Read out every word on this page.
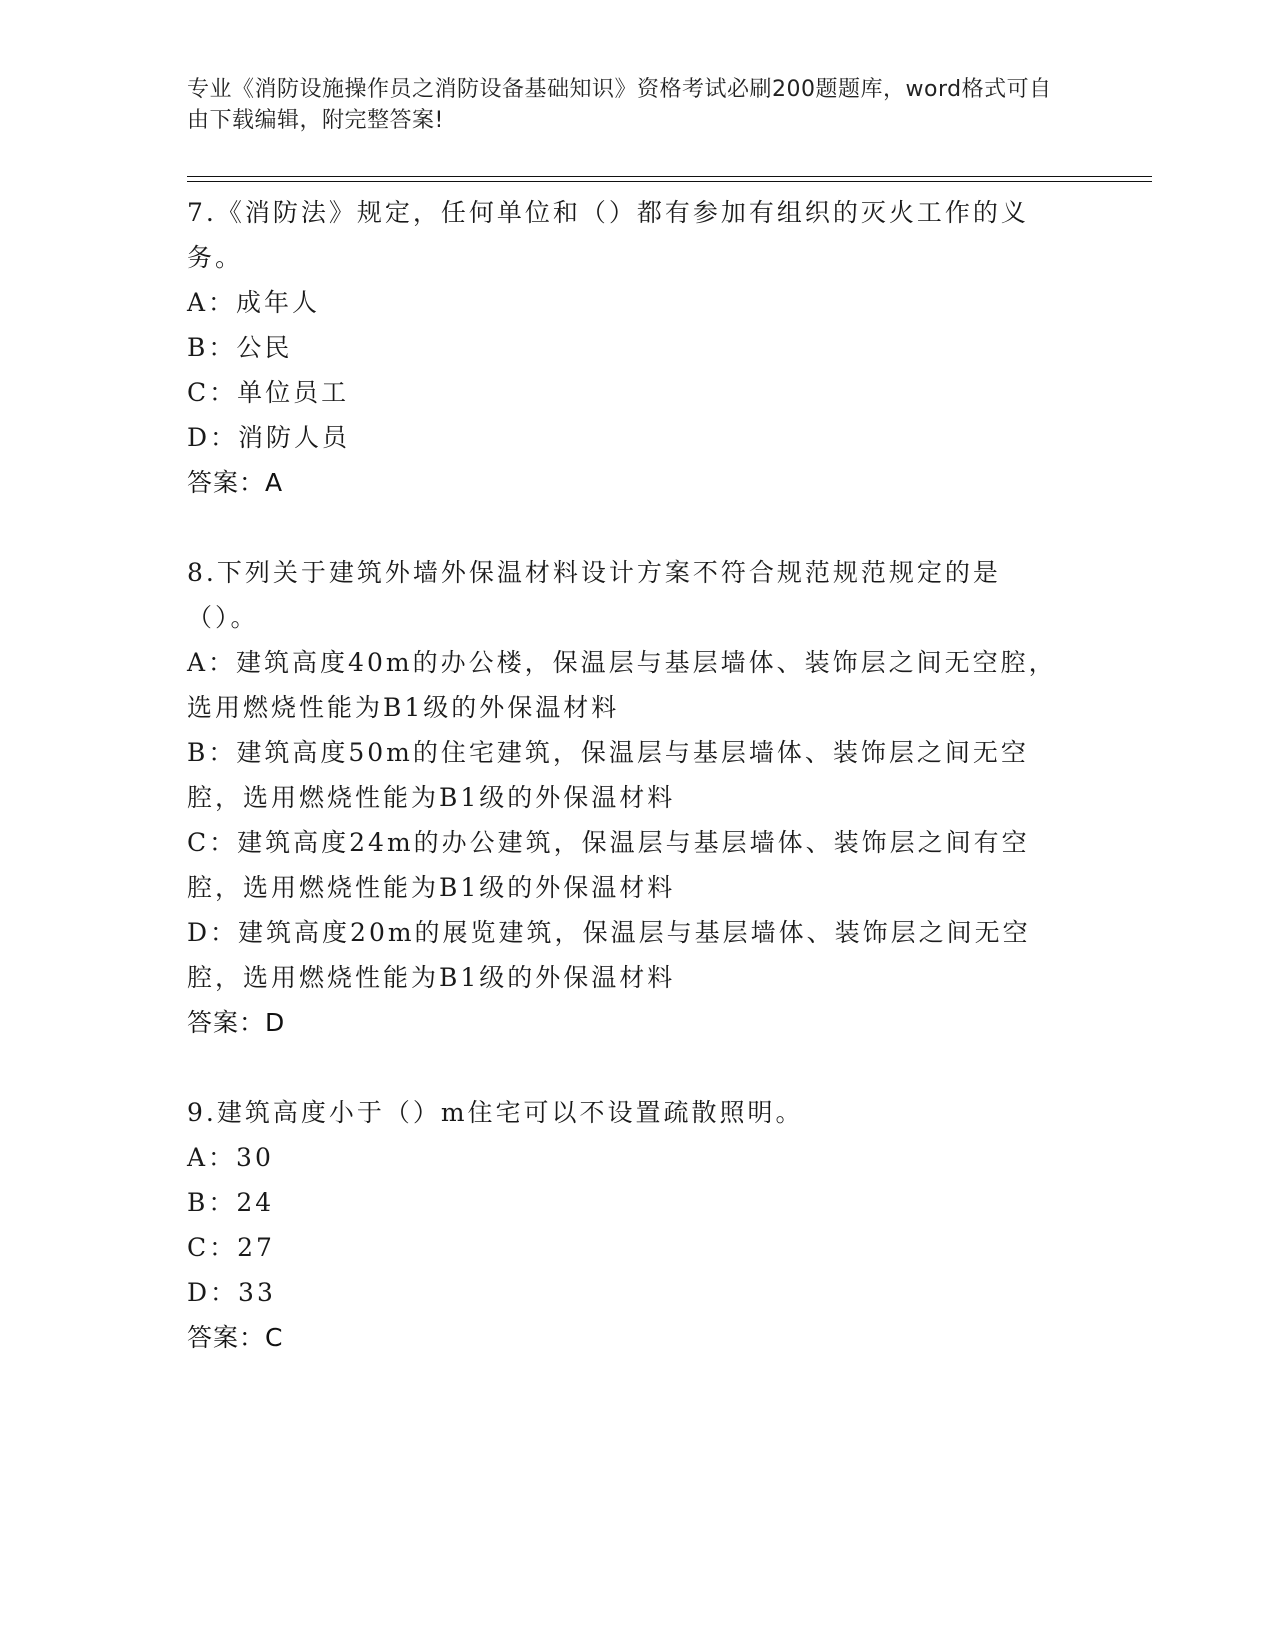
专业《消防设施操作员之消防设备基础知识》资格考试必刷200题题库，word格式可自由下载编辑，附完整答案!

7.《消防法》规定，任何单位和（）都有参加有组织的灭火工作的义务。

A：成年人

B：公民

C：单位员工

D：消防人员

答案：A

8.下列关于建筑外墙外保温材料设计方案不符合规范规范规定的是（）。

A：建筑高度40m的办公楼，保温层与基层墙体、装饰层之间无空腔，选用燃烧性能为B1级的外保温材料

B：建筑高度50m的住宅建筑，保温层与基层墙体、装饰层之间无空腔，选用燃烧性能为B1级的外保温材料

C：建筑高度24m的办公建筑，保温层与基层墙体、装饰层之间有空腔，选用燃烧性能为B1级的外保温材料

D：建筑高度20m的展览建筑，保温层与基层墙体、装饰层之间无空腔，选用燃烧性能为B1级的外保温材料

答案：D

9.建筑高度小于（）m住宅可以不设置疏散照明。

A：30

B：24

C：27

D：33

答案：C
